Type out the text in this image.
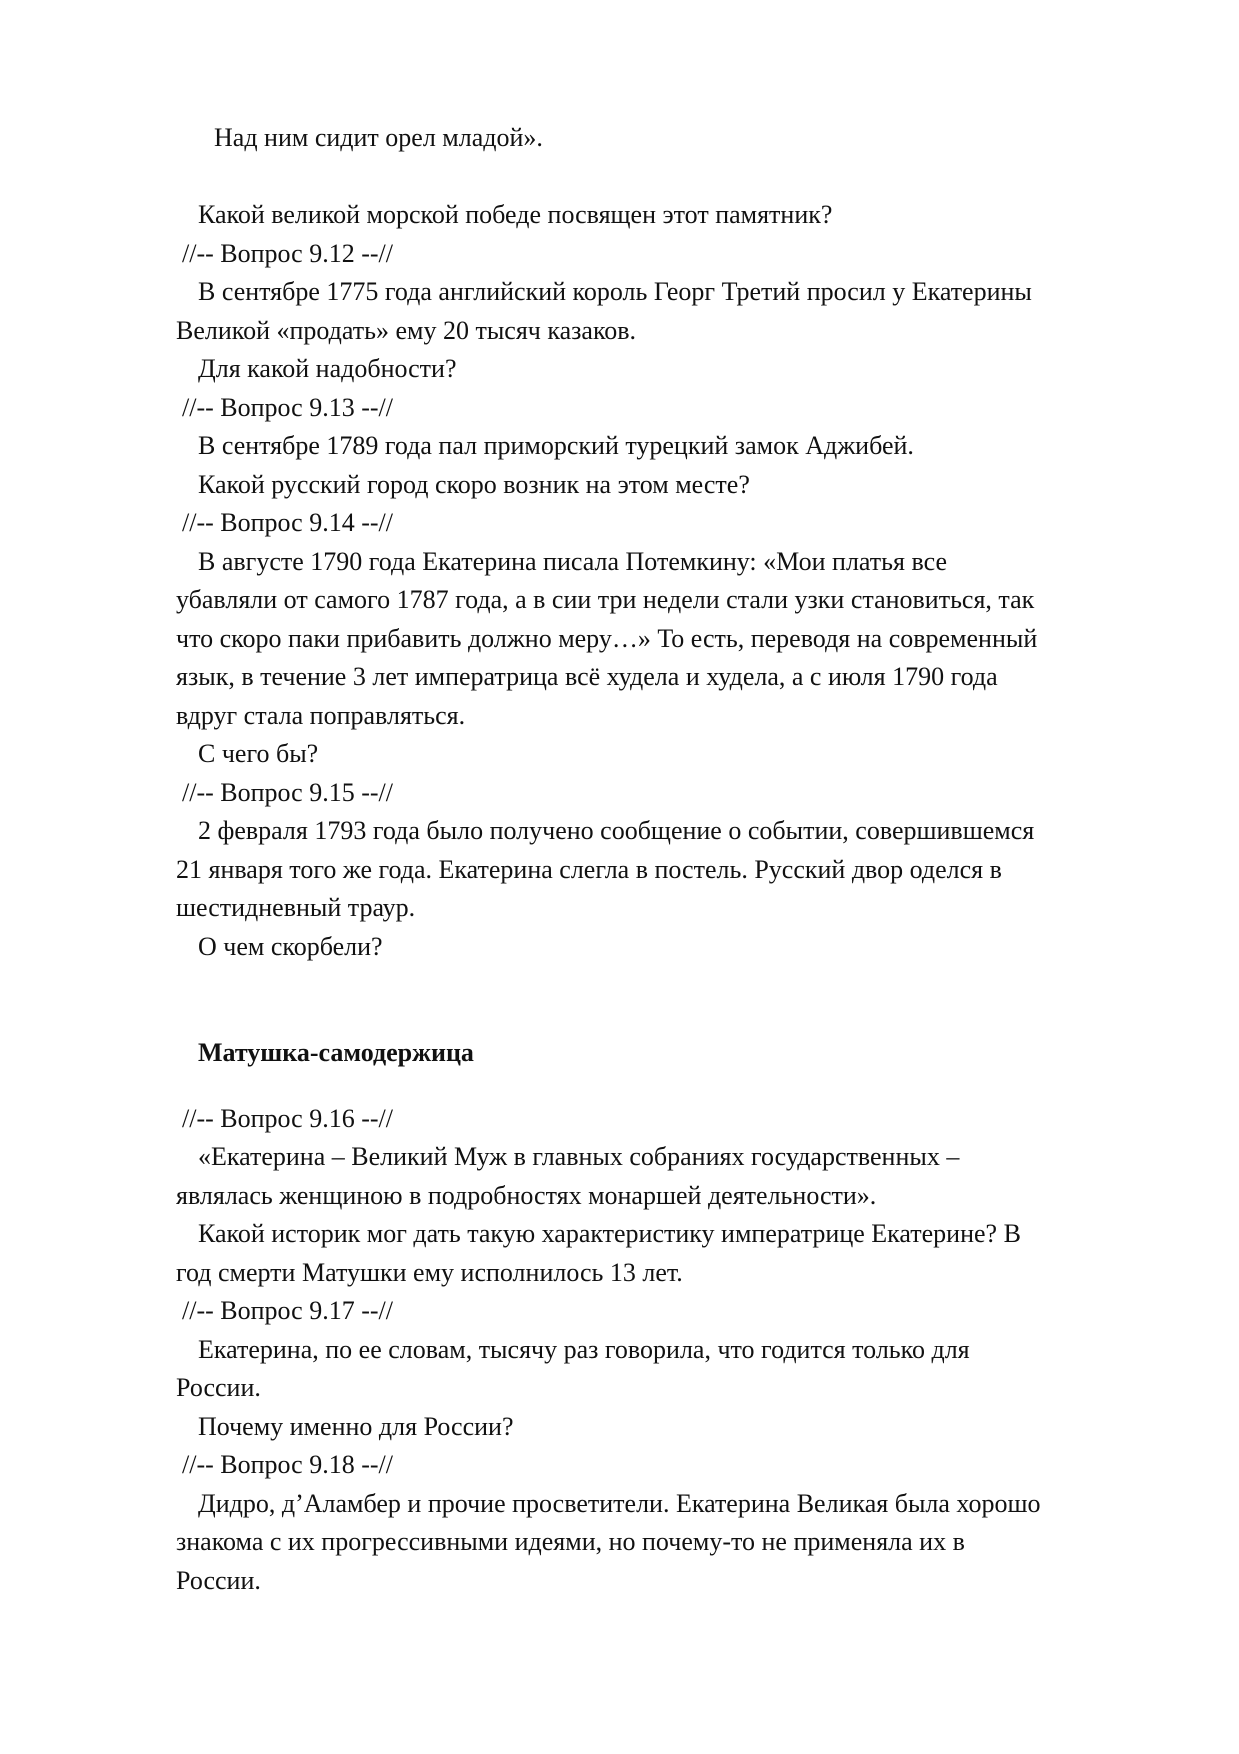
Над ним сидит орел младой».

Какой великой морской победе посвящен этот памятник?

//-- Вопрос 9.12 --//

В сентябре 1775 года английский король Георг Третий просил у Екатерины

Великой «продать» ему 20 тысяч казаков.

Для какой надобности?

//-- Вопрос 9.13 --//

В сентябре 1789 года пал приморский турецкий замок Аджибей.

Какой русский город скоро возник на этом месте?

//-- Вопрос 9.14 --//

В августе 1790 года Екатерина писала Потемкину: «Мои платья все

убавляли от самого 1787 года, а в сии три недели стали узки становиться, так

что скоро паки прибавить должно меру…» То есть, переводя на современный

язык, в течение 3 лет императрица всё худела и худела, а с июля 1790 года

вдруг стала поправляться.

С чего бы?

//-- Вопрос 9.15 --//

2 февраля 1793 года было получено сообщение о событии, совершившемся

21 января того же года. Екатерина слегла в постель. Русский двор оделся в

шестидневный траур.

О чем скорбели?

Матушка-самодержица

//-- Вопрос 9.16 --//

«Екатерина – Великий Муж в главных собраниях государственных –

являлась женщиною в подробностях монаршей деятельности».

Какой историк мог дать такую характеристику императрице Екатерине? В

год смерти Матушки ему исполнилось 13 лет.

//-- Вопрос 9.17 --//

Екатерина, по ее словам, тысячу раз говорила, что годится только для

России.

Почему именно для России?

//-- Вопрос 9.18 --//

Дидро, д’Аламбер и прочие просветители. Екатерина Великая была хорошо

знакома с их прогрессивными идеями, но почему-то не применяла их в

России.
